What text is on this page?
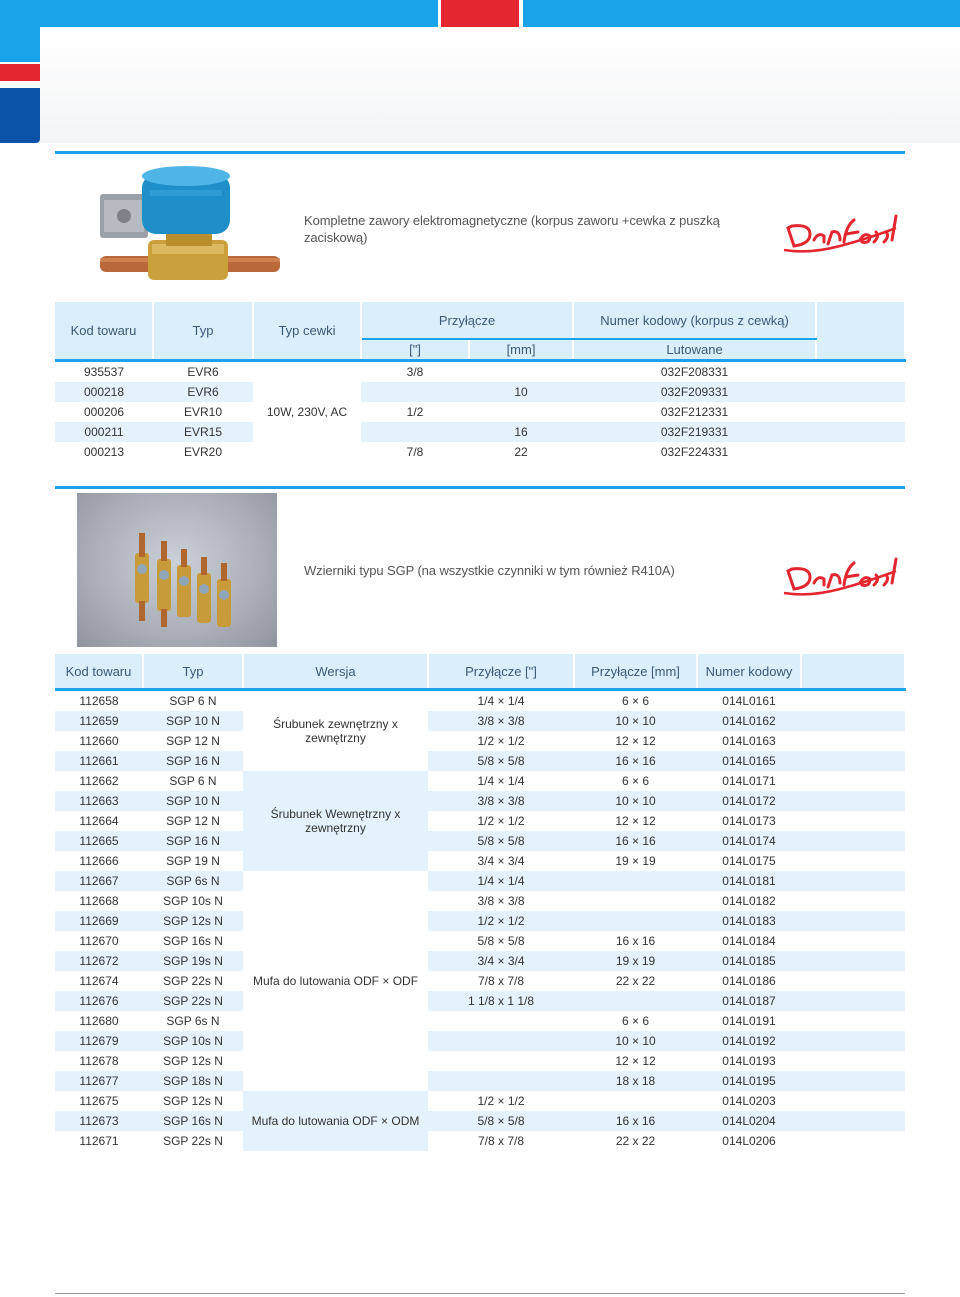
Kompletne zawory elektromagnetyczne (korpus zaworu +cewka z puszką zaciskową)
Kod towaru	Typ	Typ cewki	Przyłącze		Numer kodowy (korpus z cewką)	
			["]	[mm]	Lutowane	
935537	EVR6	10W, 230V, AC	3/8		032F208331	
000218	EVR6			10	032F209331	
000206	EVR10		1/2		032F212331	
000211	EVR15			16	032F219331	
000213	EVR20		7/8	22	032F224331	
Wzierniki typu SGP (na wszystkie czynniki w tym również R410A)
Kod towaru	Typ	Wersja	Przyłącze ["]	Przyłącze [mm]	Numer kodowy	
112658	SGP 6 N	Śrubunek zewnętrzny x zewnętrzny	1/4 × 1/4	6 × 6	014L0161	
112659	SGP 10 N		3/8 × 3/8	10 × 10	014L0162	
112660	SGP 12 N		1/2 × 1/2	12 × 12	014L0163	
112661	SGP 16 N		5/8 × 5/8	16 × 16	014L0165	
112662	SGP 6 N	Śrubunek Wewnętrzny x zewnętrzny	1/4 × 1/4	6 × 6	014L0171	
112663	SGP 10 N		3/8 × 3/8	10 × 10	014L0172	
112664	SGP 12 N		1/2 × 1/2	12 × 12	014L0173	
112665	SGP 16 N		5/8 × 5/8	16 × 16	014L0174	
112666	SGP 19 N		3/4 × 3/4	19 × 19	014L0175	
112667	SGP 6s N	Mufa do lutowania ODF × ODF	1/4 × 1/4		014L0181	
112668	SGP 10s N		3/8 × 3/8		014L0182	
112669	SGP 12s N		1/2 × 1/2		014L0183	
112670	SGP 16s N		5/8 × 5/8	16 x 16	014L0184	
112672	SGP 19s N		3/4 × 3/4	19 x 19	014L0185	
112674	SGP 22s N		7/8 x 7/8	22 x 22	014L0186	
112676	SGP 22s N		1 1/8 x 1 1/8		014L0187	
112680	SGP 6s N			6 × 6	014L0191	
112679	SGP 10s N			10 × 10	014L0192	
112678	SGP 12s N			12 × 12	014L0193	
112677	SGP 18s N			18 x 18	014L0195	
112675	SGP 12s N	Mufa do lutowania ODF × ODM	1/2 × 1/2		014L0203	
112673	SGP 16s N		5/8 × 5/8	16 x 16	014L0204	
112671	SGP 22s N		7/8 x 7/8	22 x 22	014L0206	
